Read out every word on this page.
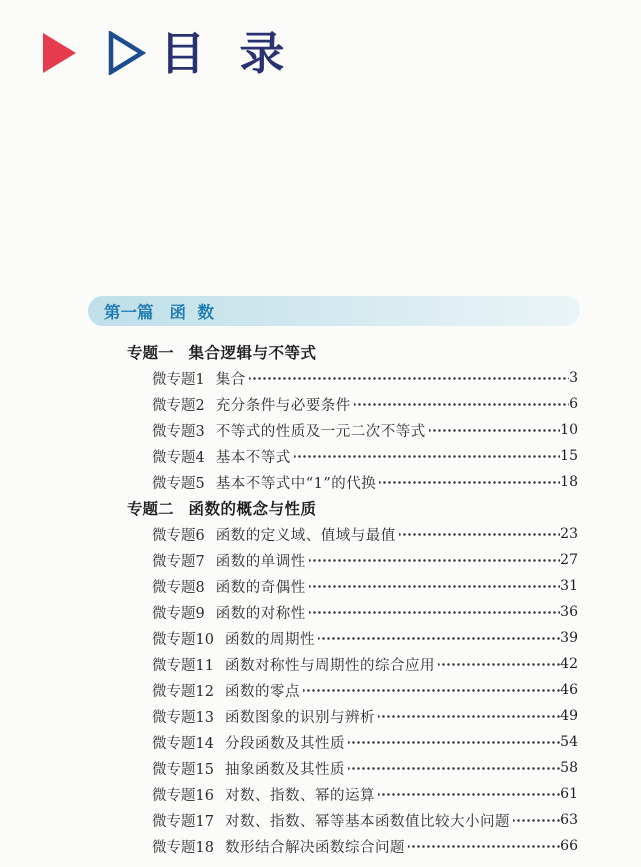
目  录
第一篇 函  数
专题一 集合逻辑与不等式
微专题1 集合	3
微专题2 充分条件与必要条件	6
微专题3 不等式的性质及一元二次不等式	10
微专题4 基本不等式	15
微专题5 基本不等式中“1”的代换	18
专题二 函数的概念与性质
微专题6 函数的定义域、值域与最值	23
微专题7 函数的单调性	27
微专题8 函数的奇偶性	31
微专题9 函数的对称性	36
微专题10 函数的周期性	39
微专题11 函数对称性与周期性的综合应用	42
微专题12 函数的零点	46
微专题13 函数图象的识别与辨析	49
微专题14 分段函数及其性质	54
微专题15 抽象函数及其性质	58
微专题16 对数、指数、幂的运算	61
微专题17 对数、指数、幂等基本函数值比较大小问题	63
微专题18 数形结合解决函数综合问题	66
